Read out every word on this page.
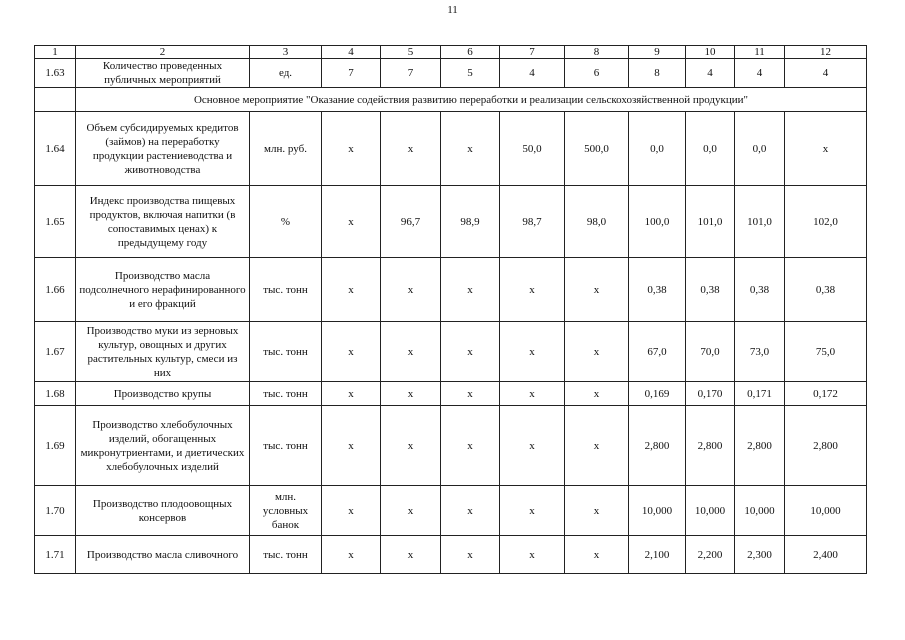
11
1	2	3	4	5	6	7	8	9	10	11	12
1.63	Количество проведенных публичных мероприятий	ед.	7	7	5	4	6	8	4	4	4
	Основное мероприятие "Оказание содействия развитию переработки и реализации сельскохозяйственной продукции"										
1.64	Объем субсидируемых кредитов (займов) на переработку продукции растениеводства и животноводства	млн. руб.	x	x	x	50,0	500,0	0,0	0,0	0,0	x
1.65	Индекс производства пищевых продуктов, включая напитки (в сопоставимых ценах) к предыдущему году	%	x	96,7	98,9	98,7	98,0	100,0	101,0	101,0	102,0
1.66	Производство масла подсолнечного нерафинированного и его фракций	тыс. тонн	x	x	x	x	x	0,38	0,38	0,38	0,38
1.67	Производство муки из зерновых культур, овощных и других растительных культур, смеси из них	тыс. тонн	x	x	x	x	x	67,0	70,0	73,0	75,0
1.68	Производство крупы	тыс. тонн	x	x	x	x	x	0,169	0,170	0,171	0,172
1.69	Производство хлебобулочных изделий, обогащенных микронутриентами, и диетических хлебобулочных изделий	тыс. тонн	x	x	x	x	x	2,800	2,800	2,800	2,800
1.70	Производство плодоовощных консервов	млн. условных банок	x	x	x	x	x	10,000	10,000	10,000	10,000
1.71	Производство масла сливочного	тыс. тонн	x	x	x	x	x	2,100	2,200	2,300	2,400
